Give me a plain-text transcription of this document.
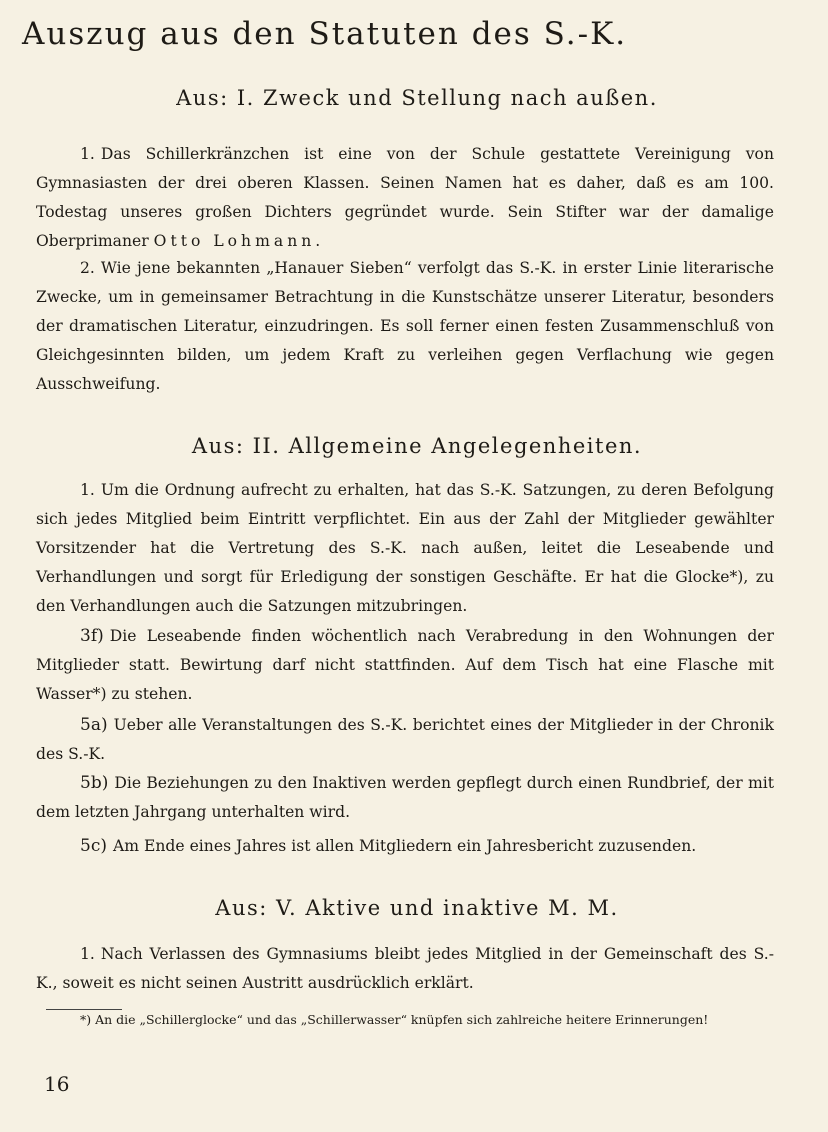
Auszug aus den Statuten des S.-K.
Aus: I. Zweck und Stellung nach außen.

1. Das Schillerkränzchen ist eine von der Schule gestattete Vereinigung von Gymnasiasten der drei oberen Klassen. Seinen Namen hat es daher, daß es am 100. Todestag unseres großen Dichters gegründet wurde. Sein Stifter war der damalige Oberprimaner Otto Lohmann.

2. Wie jene bekannten „Hanauer Sieben“ verfolgt das S.-K. in erster Linie literarische Zwecke, um in gemeinsamer Betrachtung in die Kunstschätze unserer Literatur, besonders der dramatischen Literatur, einzudringen. Es soll ferner einen festen Zusammenschluß von Gleichgesinnten bilden, um jedem Kraft zu verleihen gegen Verflachung wie gegen Ausschweifung.

Aus: II. Allgemeine Angelegenheiten.

1. Um die Ordnung aufrecht zu erhalten, hat das S.-K. Satzungen, zu deren Befolgung sich jedes Mitglied beim Eintritt verpflichtet. Ein aus der Zahl der Mitglieder gewählter Vorsitzender hat die Vertretung des S.-K. nach außen, leitet die Leseabende und Verhandlungen und sorgt für Erledigung der sonstigen Geschäfte. Er hat die Glocke*), zu den Verhandlungen auch die Satzungen mitzubringen.

3f) Die Leseabende finden wöchentlich nach Verabredung in den Wohnungen der Mitglieder statt. Bewirtung darf nicht stattfinden. Auf dem Tisch hat eine Flasche mit Wasser*) zu stehen.

5a) Ueber alle Veranstaltungen des S.-K. berichtet eines der Mitglieder in der Chronik des S.-K.

5b) Die Beziehungen zu den Inaktiven werden gepflegt durch einen Rundbrief, der mit dem letzten Jahrgang unterhalten wird.

5c) Am Ende eines Jahres ist allen Mitgliedern ein Jahresbericht zuzusenden.

Aus: V. Aktive und inaktive M. M.

1. Nach Verlassen des Gymnasiums bleibt jedes Mitglied in der Gemeinschaft des S.-K., soweit es nicht seinen Austritt ausdrücklich erklärt.

*) An die „Schillerglocke“ und das „Schillerwasser“ knüpfen sich zahlreiche heitere Erinnerungen!

16
